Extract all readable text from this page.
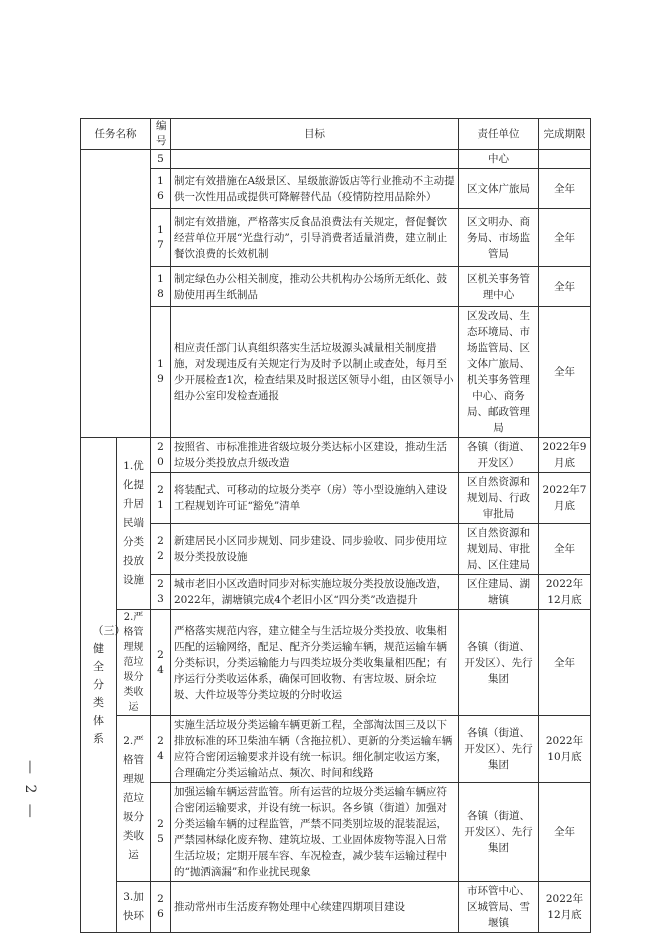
任务名称		编号	目标	责任单位	完成期限

		5		中心	

		16	制定有效措施在A级景区、星级旅游饭店等行业推动不主动提供一次性用品或提供可降解替代品（疫情防控用品除外）	区文体广旅局	全年

		17	制定有效措施，严格落实反食品浪费法有关规定，督促餐饮经营单位开展“光盘行动”，引导消费者适量消费，建立制止餐饮浪费的长效机制	区文明办、商务局、市场监管局	全年

		18	制定绿色办公相关制度，推动公共机构办公场所无纸化、鼓励使用再生纸制品	区机关事务管理中心	全年

		19	相应责任部门认真组织落实生活垃圾源头减量相关制度措施，对发现违反有关规定行为及时予以制止或查处，每月至少开展检查1次，检查结果及时报送区领导小组，由区领导小组办公室印发检查通报	区发改局、生态环境局、市场监管局、区文体广旅局、机关事务管理中心、商务局、邮政管理局	全年

（三）健全分类体系	1.优化提升居民端分类投放设施	20	按照省、市标准推进省级垃圾分类达标小区建设，推动生活垃圾分类投放点升级改造	各镇（街道、开发区）	2022年9月底

		21	将装配式、可移动的垃圾分类亭（房）等小型设施纳入建设工程规划许可证“豁免”清单	区自然资源和规划局、行政审批局	2022年7月底

		22	新建居民小区同步规划、同步建设、同步验收、同步使用垃圾分类投放设施	区自然资源和规划局、审批局、区住建局	全年

		23	城市老旧小区改造时同步对标实施垃圾分类投放设施改造，2022年，湖塘镇完成4个老旧小区“四分类”改造提升	区住建局、湖塘镇	2022年12月底

	2.严格管理规范垃圾分类收运	24	严格落实规范内容，建立健全与生活垃圾分类投放、收集相匹配的运输网络，配足、配齐分类运输车辆，规范运输车辆分类标识，分类运输能力与四类垃圾分类收集量相匹配；有序运行分类收运体系，确保可回收物、有害垃圾、厨余垃圾、大件垃圾等分类垃圾的分时收运	各镇（街道、开发区）、先行集团	全年

	2.严格管理规范垃圾分类收运	24	实施生活垃圾分类运输车辆更新工程，全部淘汰国三及以下排放标准的环卫柴油车辆（含拖拉机）、更新的分类运输车辆应符合密闭运输要求并设有统一标识。细化制定收运方案，合理确定分类运输站点、频次、时间和线路	各镇（街道、开发区）、先行集团	2022年10月底

		25	加强运输车辆运营监管。所有运营的垃圾分类运输车辆应符合密闭运输要求，并设有统一标识。各乡镇（街道）加强对分类运输车辆的过程监管，严禁不同类别垃圾的混装混运，严禁园林绿化废弃物、建筑垃圾、工业固体废物等混入日常生活垃圾；定期开展车容、车况检查，减少装车运输过程中的“抛洒滴漏”和作业扰民现象	各镇（街道、开发区）、先行集团	全年

	3.加快环	26	推动常州市生活废弃物处理中心续建四期项目建设	市环管中心、区城管局、雪堰镇	2022年12月底
— 2 —
